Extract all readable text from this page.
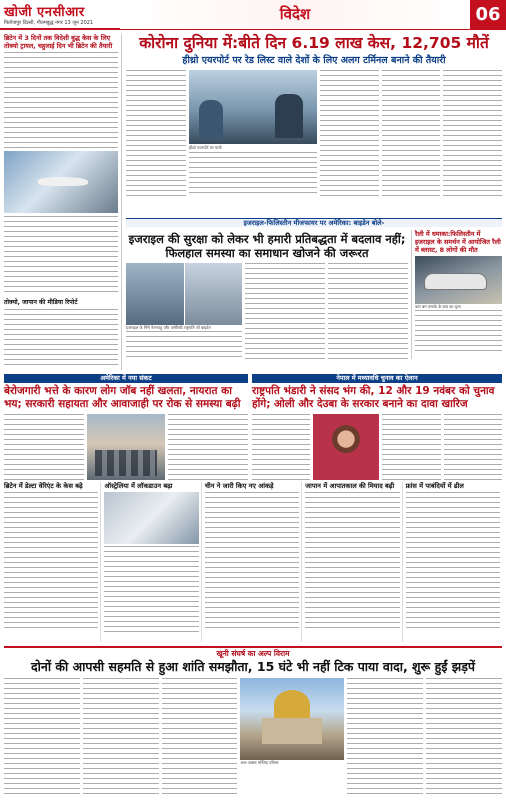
खोजी एनसीआर
फिरोजपुर दिल्ली, गौतमबुद्ध नगर 13 जून 2021	विदेश	06
ब्रिटेन में 3 दिनों तक विदेशी बुद्ध केस के लिए तोक्यो ट्रायल, चहुलाई दिन भी ब्रिटेन की तैयारी
तोक्यो, जापान की मीडिया रिपोर्ट
कोरोना दुनिया में:बीते दिन 6.19 लाख केस, 12,705 मौतें
हीथ्रो एयरपोर्ट पर रेड लिस्ट वाले देशों के लिए अलग टर्मिनल बनाने की तैयारी
हीथ्रो एयरपोर्ट पर यात्री
इजराइल-फिलिस्तीन मीजफायर पर अमेरिका: बाइडेन बोले-
इजराइल की सुरक्षा को लेकर भी हमारी प्रतिबद्धता में बदलाव नहीं; फिलहाल समस्या का समाधान खोजने की जरूरत
इजराइल के PM नेतन्याहू और अमेरिकी राष्ट्रपति जो बाइडेन
रैली में धमाका:फिलिस्तीन में इजराइल के समर्थन में आयोजित रैली में ब्लास्ट, 8 लोगों की मौत
कार बम धमाके के बाद का दृश्य
अमेरिका में नया संकट
बेरोजगारी भत्ते के कारण लोग जॉब नहीं खलता, नायरात का भय; सरकारी सहायता और आवाजाही पर रोक से समस्या बढ़ी
नेपाल में मध्यावधि चुनाव का ऐलान
राष्ट्रपति भंडारी ने संसद भंग की, 12 और 19 नवंबर को चुनाव होंगे; ओली और देउबा के सरकार बनाने का दावा खारिज
ब्रिटेन में डेल्टा वेरिएंट के केस बढ़े	ऑस्ट्रेलिया में लॉकडाउन बढ़ा	चीन ने जारी किए नए आंकड़े	जापान में आपातकाल की मियाद बढ़ी	फ्रांस में पाबंदियों में ढील
खूनी संघर्ष का अल्प विराम
दोनों की आपसी सहमति से हुआ शांति समझौता, 15 घंटे भी नहीं टिक पाया वादा, शुरू हुईं झड़पें
अल-अक्सा मस्जिद परिसर
